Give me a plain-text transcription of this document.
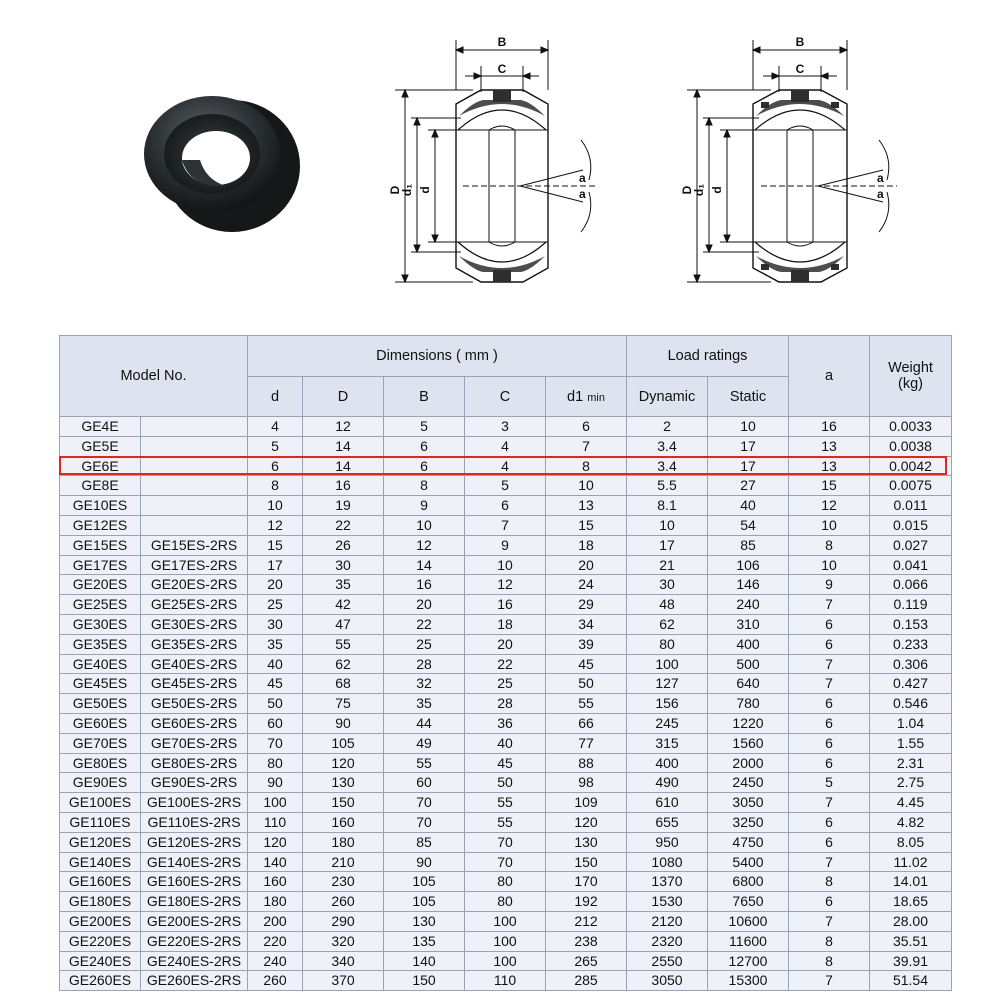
B
C
D
d₁ d
a
a
B
C
D
d₁ d
a
a
Model No.		Dimensions ( mm )					Load ratings		a	Weight
(kg)

		d	D	B	C	d1 min	Dynamic	Static		
GE4E		4	12	5	3	6	2	10	16	0.0033
GE5E		5	14	6	4	7	3.4	17	13	0.0038
GE6E		6	14	6	4	8	3.4	17	13	0.0042
GE8E		8	16	8	5	10	5.5	27	15	0.0075
GE10ES		10	19	9	6	13	8.1	40	12	0.011
GE12ES		12	22	10	7	15	10	54	10	0.015
GE15ES	GE15ES-2RS	15	26	12	9	18	17	85	8	0.027
GE17ES	GE17ES-2RS	17	30	14	10	20	21	106	10	0.041
GE20ES	GE20ES-2RS	20	35	16	12	24	30	146	9	0.066
GE25ES	GE25ES-2RS	25	42	20	16	29	48	240	7	0.119
GE30ES	GE30ES-2RS	30	47	22	18	34	62	310	6	0.153
GE35ES	GE35ES-2RS	35	55	25	20	39	80	400	6	0.233
GE40ES	GE40ES-2RS	40	62	28	22	45	100	500	7	0.306
GE45ES	GE45ES-2RS	45	68	32	25	50	127	640	7	0.427
GE50ES	GE50ES-2RS	50	75	35	28	55	156	780	6	0.546
GE60ES	GE60ES-2RS	60	90	44	36	66	245	1220	6	1.04
GE70ES	GE70ES-2RS	70	105	49	40	77	315	1560	6	1.55
GE80ES	GE80ES-2RS	80	120	55	45	88	400	2000	6	2.31
GE90ES	GE90ES-2RS	90	130	60	50	98	490	2450	5	2.75
GE100ES	GE100ES-2RS	100	150	70	55	109	610	3050	7	4.45
GE110ES	GE110ES-2RS	110	160	70	55	120	655	3250	6	4.82
GE120ES	GE120ES-2RS	120	180	85	70	130	950	4750	6	8.05
GE140ES	GE140ES-2RS	140	210	90	70	150	1080	5400	7	11.02
GE160ES	GE160ES-2RS	160	230	105	80	170	1370	6800	8	14.01
GE180ES	GE180ES-2RS	180	260	105	80	192	1530	7650	6	18.65
GE200ES	GE200ES-2RS	200	290	130	100	212	2120	10600	7	28.00
GE220ES	GE220ES-2RS	220	320	135	100	238	2320	11600	8	35.51
GE240ES	GE240ES-2RS	240	340	140	100	265	2550	12700	8	39.91
GE260ES	GE260ES-2RS	260	370	150	110	285	3050	15300	7	51.54
